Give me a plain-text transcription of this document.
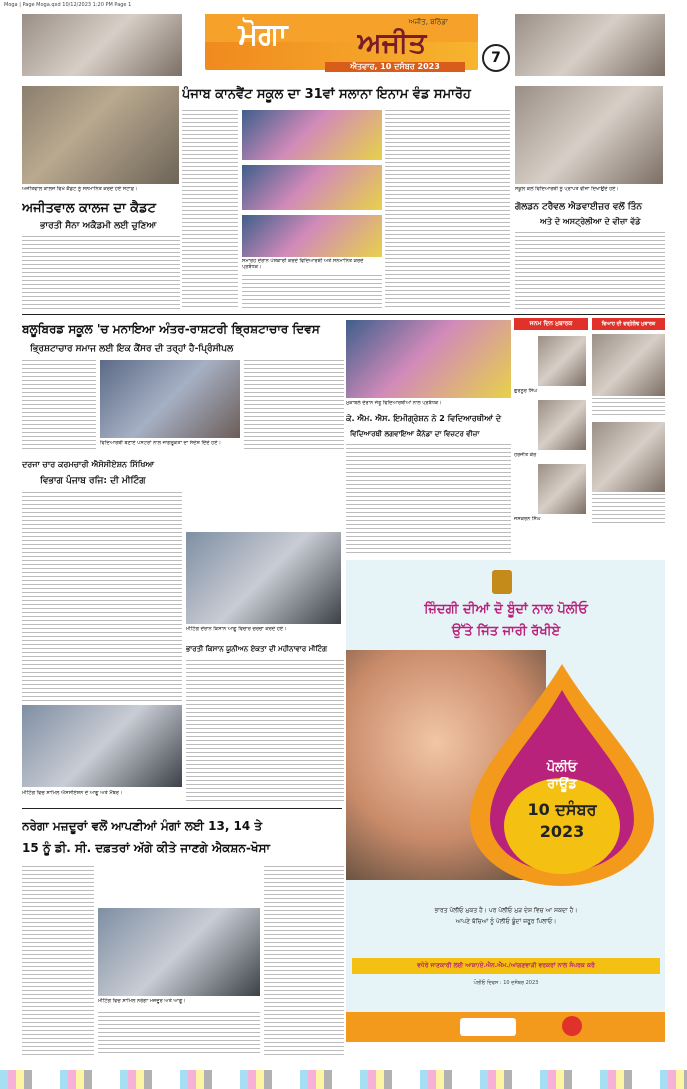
Moga | Page Moga.qxd 10/12/2023 1:20 PM Page 1
ਮੋਗਾ	ਅਜੀਤ, ਬਠਿੰਡਾ
ਅਜੀਤ
ਐਤਵਾਰ, 10 ਦਸੰਬਰ 2023
7
ਅਜੀਤਵਾਲ ਕਾਲਜ ਵਿਖੇ ਕੈਡਟ ਨੂੰ ਸਨਮਾਨਿਤ ਕਰਦੇ ਹੋਏ ਸਟਾਫ਼।
ਅਜੀਤਵਾਲ ਕਾਲਜ ਦਾ ਕੈਡਟ
ਭਾਰਤੀ ਸੈਨਾ ਅਕੈਡਮੀ ਲਈ ਚੁਣਿਆ
ਪੰਜਾਬ ਕਾਨਵੈਂਟ ਸਕੂਲ ਦਾ 31ਵਾਂ ਸਲਾਨਾ ਇਨਾਮ ਵੰਡ ਸਮਾਰੋਹ
ਸਮਾਰੋਹ ਦੌਰਾਨ ਪੇਸ਼ਕਾਰੀ ਕਰਦੇ ਵਿਦਿਆਰਥੀ ਅਤੇ ਸਨਮਾਨਿਤ ਕਰਦੇ ਪ੍ਰਬੰਧਕ।
ਸਕੂਲ ਕੋਲੋਂ ਵਿਦਿਆਰਥੀ ਨੂੰ ਪ੍ਰਾਪਤ ਵੀਜ਼ਾ ਦਿਖਾਉਂਦੇ ਹੋਏ।
ਗੋਲਡਨ ਟਰੈਵਲ ਐਡਵਾਈਜ਼ਰ ਵਲੋਂ ਤਿੰਨ
ਅਤੇ ਦੋ ਅਸਟ੍ਰੇਲੀਆ ਦੇ ਵੀਜ਼ਾ ਵੱਡੇ
ਬਲੂਬਿਰਡ ਸਕੂਲ 'ਚ ਮਨਾਇਆ ਅੰਤਰ-ਰਾਸ਼ਟਰੀ ਭ੍ਰਿਸ਼ਟਾਚਾਰ ਦਿਵਸ
ਭ੍ਰਿਸ਼ਟਾਚਾਰ ਸਮਾਜ ਲਈ ਇਕ ਕੈਂਸਰ ਦੀ ਤਰ੍ਹਾਂ ਹੈ-ਪ੍ਰਿੰਸੀਪਲ
ਵਿਦਿਆਰਥੀ ਬਣਾਏ ਪੋਸਟਰਾਂ ਨਾਲ ਜਾਗਰੂਕਤਾ ਦਾ ਸੰਦੇਸ਼ ਦਿੰਦੇ ਹੋਏ।
ਮੁਕਾਬਲੇ ਦੌਰਾਨ ਜੇਤੂ ਵਿਦਿਆਰਥੀਆਂ ਨਾਲ ਪ੍ਰਬੰਧਕ।
ਕੇ. ਐਮ. ਐਸ. ਇਮੀਗ੍ਰੇਸ਼ਨ ਨੇ 2 ਵਿਦਿਆਰਥੀਆਂ ਦੇ
ਵਿਦਿਆਰਥੀ ਲਗਵਾਇਆ ਕੈਨੇਡਾ ਦਾ ਵਿਜ਼ਟਰ ਵੀਜ਼ਾ
ਜਨਮ ਦਿਨ ਮੁਬਾਰਕ
ਗੁਰਨੂਰ ਸਿੰਘ
ਹਰਜੀਤ ਕੌਰ
ਜਸਕਰਨ ਸਿੰਘ
ਵਿਆਹ ਦੀ ਵਰ੍ਹੇਗੰਢ ਮੁਬਾਰਕ
ਦਰਜਾ ਚਾਰ ਕਰਮਚਾਰੀ ਐਸੋਸੀਏਸ਼ਨ ਸਿੱਖਿਆ
ਵਿਭਾਗ ਪੰਜਾਬ ਰਜਿ: ਦੀ ਮੀਟਿੰਗ
ਮੀਟਿੰਗ ਵਿਚ ਸ਼ਾਮਿਲ ਐਸੋਸੀਏਸ਼ਨ ਦੇ ਆਗੂ ਅਤੇ ਮੈਂਬਰ।
ਮੀਟਿੰਗ ਦੌਰਾਨ ਕਿਸਾਨ ਆਗੂ ਵਿਚਾਰ ਚਰਚਾ ਕਰਦੇ ਹੋਏ।
ਭਾਰਤੀ ਕਿਸਾਨ ਯੂਨੀਅਨ ਏਕਤਾ ਦੀ ਮਹੀਨਾਵਾਰ ਮੀਟਿੰਗ
ਜ਼ਿੰਦਗੀ ਦੀਆਂ ਦੋ ਬੂੰਦਾਂ ਨਾਲ ਪੋਲੀਓ
ਉੱਤੇ ਜਿੱਤ ਜਾਰੀ ਰੱਖੀਏ
ਪੋਲੀਓ
ਰਾਊਂਡ
10 ਦਸੰਬਰ
2023
ਭਾਰਤ ਪੋਲੀਓ ਮੁਕਤ ਹੈ। ਪਰ ਪੋਲੀਓ ਮੁੜ ਦੇਸ਼ ਵਿਚ ਆ ਸਕਦਾ ਹੈ।
ਆਪਣੇ ਬੱਚਿਆਂ ਨੂੰ ਪੋਲੀਓ ਬੂੰਦਾਂ ਜ਼ਰੂਰ ਪਿਲਾਓ।
ਵਧੇਰੇ ਜਾਣਕਾਰੀ ਲਈ ਆਸ਼ਾ/ਏ.ਐਨ.ਐਮ./ਆਂਗਣਵਾੜੀ ਵਰਕਰਾਂ ਨਾਲ ਸੰਪਰਕ ਕਰੋ
ਪੋਲੀਓ ਦਿਵਸ : 10 ਦਸੰਬਰ 2023
ਨਰੇਗਾ ਮਜ਼ਦੂਰਾਂ ਵਲੋਂ ਆਪਣੀਆਂ ਮੰਗਾਂ ਲਈ 13, 14 ਤੇ
15 ਨੂੰ ਡੀ. ਸੀ. ਦਫ਼ਤਰਾਂ ਅੱਗੇ ਕੀਤੇ ਜਾਣਗੇ ਐਕਸ਼ਨ-ਖੋਸਾ
ਮੀਟਿੰਗ ਵਿਚ ਸ਼ਾਮਿਲ ਨਰੇਗਾ ਮਜ਼ਦੂਰ ਅਤੇ ਆਗੂ।
